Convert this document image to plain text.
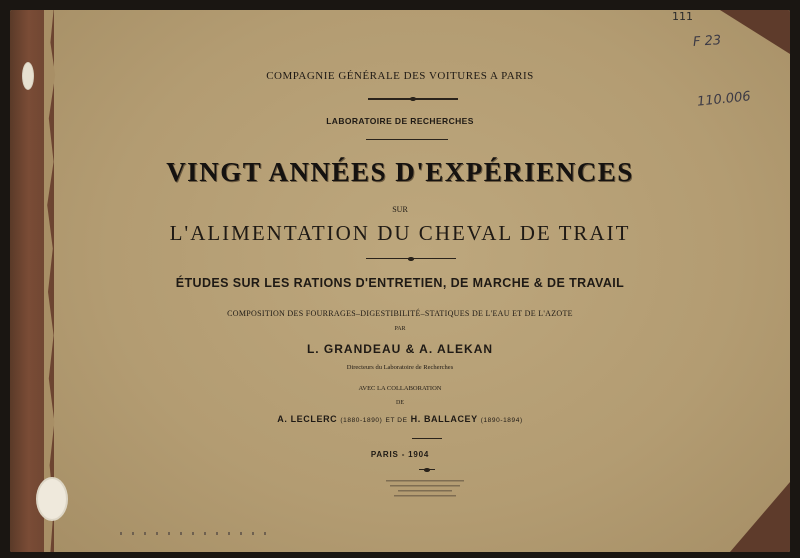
111
F 23
110.006
COMPAGNIE GÉNÉRALE DES VOITURES A PARIS
LABORATOIRE DE RECHERCHES
VINGT ANNÉES D'EXPÉRIENCES
SUR
L'ALIMENTATION DU CHEVAL DE TRAIT
ÉTUDES SUR LES RATIONS D'ENTRETIEN, DE MARCHE & DE TRAVAIL
COMPOSITION DES FOURRAGES–DIGESTIBILITÉ–STATIQUES DE L'EAU ET DE L'AZOTE
PAR
L. GRANDEAU & A. ALEKAN
Directeurs du Laboratoire de Recherches
AVEC LA COLLABORATION
DE
A. LECLERC (1880-1890) ET DE H. BALLACEY (1890-1894)
PARIS - 1904
